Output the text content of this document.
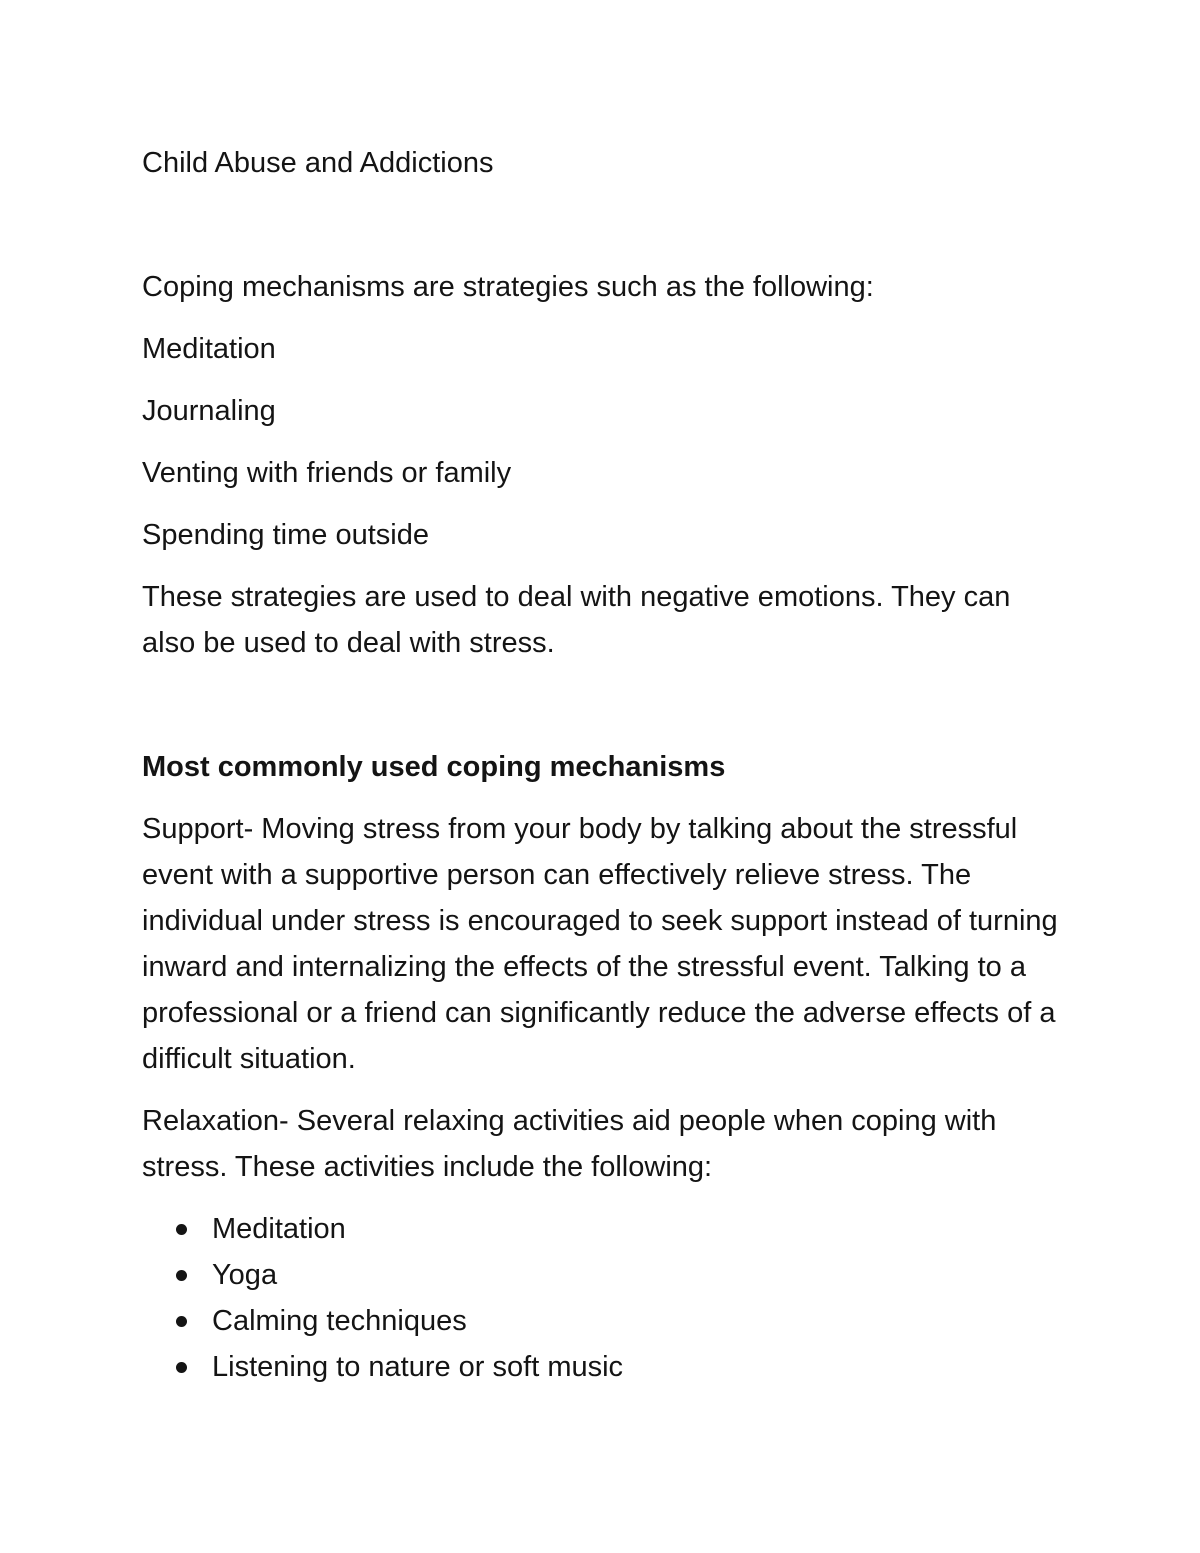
Child Abuse and Addictions

Coping mechanisms are strategies such as the following:

Meditation

Journaling

Venting with friends or family

Spending time outside

These strategies are used to deal with negative emotions. They can also be used to deal with stress.

Most commonly used coping mechanisms

Support- Moving stress from your body by talking about the stressful event with a supportive person can effectively relieve stress. The individual under stress is encouraged to seek support instead of turning inward and internalizing the effects of the stressful event. Talking to a professional or a friend can significantly reduce the adverse effects of a difficult situation.

Relaxation- Several relaxing activities aid people when coping with stress. These activities include the following:

Meditation
Yoga
Calming techniques
Listening to nature or soft music
